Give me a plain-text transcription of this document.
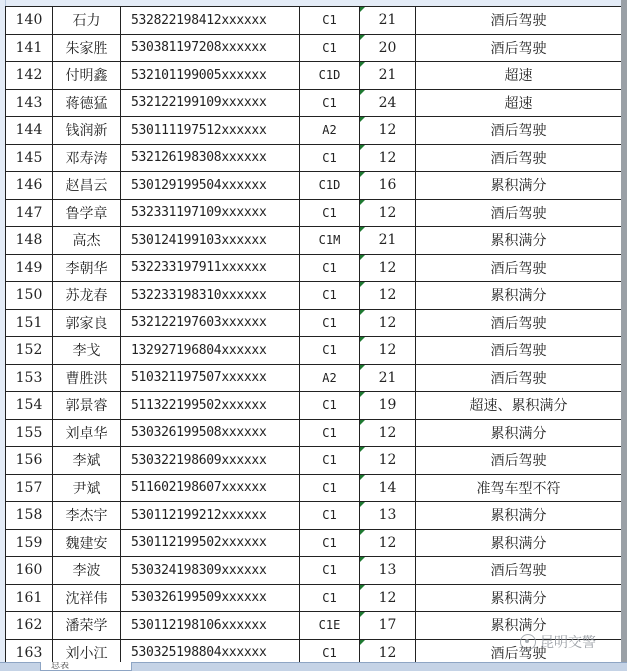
140	石力	532822198412xxxxxx	C1	21	酒后驾驶
141	朱家胜	530381197208xxxxxx	C1	20	酒后驾驶
142	付明鑫	532101199005xxxxxx	C1D	21	超速
143	蒋德猛	532122199109xxxxxx	C1	24	超速
144	钱润新	530111197512xxxxxx	A2	12	酒后驾驶
145	邓寿涛	532126198308xxxxxx	C1	12	酒后驾驶
146	赵昌云	530129199504xxxxxx	C1D	16	累积满分
147	鲁学章	532331197109xxxxxx	C1	12	酒后驾驶
148	高杰	530124199103xxxxxx	C1M	21	累积满分
149	李朝华	532233197911xxxxxx	C1	12	酒后驾驶
150	苏龙春	532233198310xxxxxx	C1	12	累积满分
151	郭家良	532122197603xxxxxx	C1	12	酒后驾驶
152	李戈	132927196804xxxxxx	C1	12	酒后驾驶
153	曹胜洪	510321197507xxxxxx	A2	21	酒后驾驶
154	郭景睿	511322199502xxxxxx	C1	19	超速、累积满分
155	刘卓华	530326199508xxxxxx	C1	12	累积满分
156	李斌	530322198609xxxxxx	C1	12	酒后驾驶
157	尹斌	511602198607xxxxxx	C1	14	准驾车型不符
158	李杰宇	530112199212xxxxxx	C1	13	累积满分
159	魏建安	530112199502xxxxxx	C1	12	累积满分
160	李波	530324198309xxxxxx	C1	13	酒后驾驶
161	沈祥伟	530326199509xxxxxx	C1	12	累积满分
162	潘荣学	530112198106xxxxxx	C1E	17	累积满分
163	刘小江	530325198804xxxxxx	C1	12	酒后驾驶
总表
昆明交警
